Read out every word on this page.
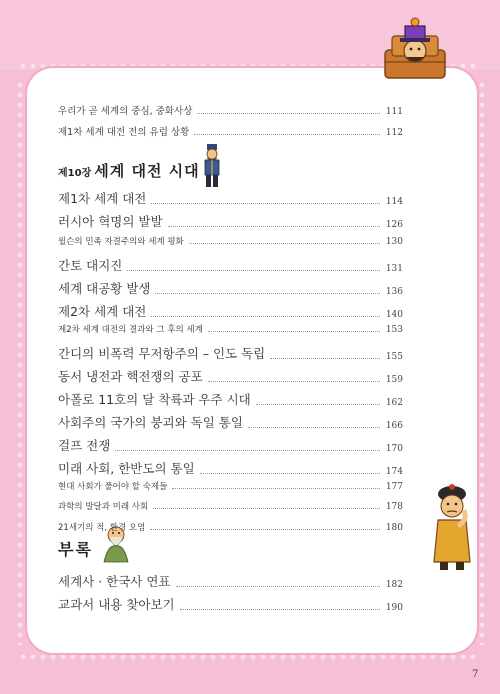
우리가 곧 세계의 중심, 중화사상	111
제1차 세계 대전 전의 유럽 상황	112
제10장 세계 대전 시대
제1차 세계 대전	114
러시아 혁명의 발발	126
윌슨의 민족 자결주의와 세계 평화	130
간토 대지진	131
세계 대공황 발생	136
제2차 세계 대전	140
제2차 세계 대전의 결과와 그 후의 세계	153
간디의 비폭력 무저항주의 – 인도 독립	155
동서 냉전과 핵전쟁의 공포	159
아폴로 11호의 달 착륙과 우주 시대	162
사회주의 국가의 붕괴와 독일 통일	166
걸프 전쟁	170
미래 사회, 한반도의 통일	174
현대 사회가 풀어야 할 숙제들	177
과학의 발달과 미래 사회	178
21세기의 적, 환경 오염	180
부록
세계사 · 한국사 연표	182
교과서 내용 찾아보기	190
7
